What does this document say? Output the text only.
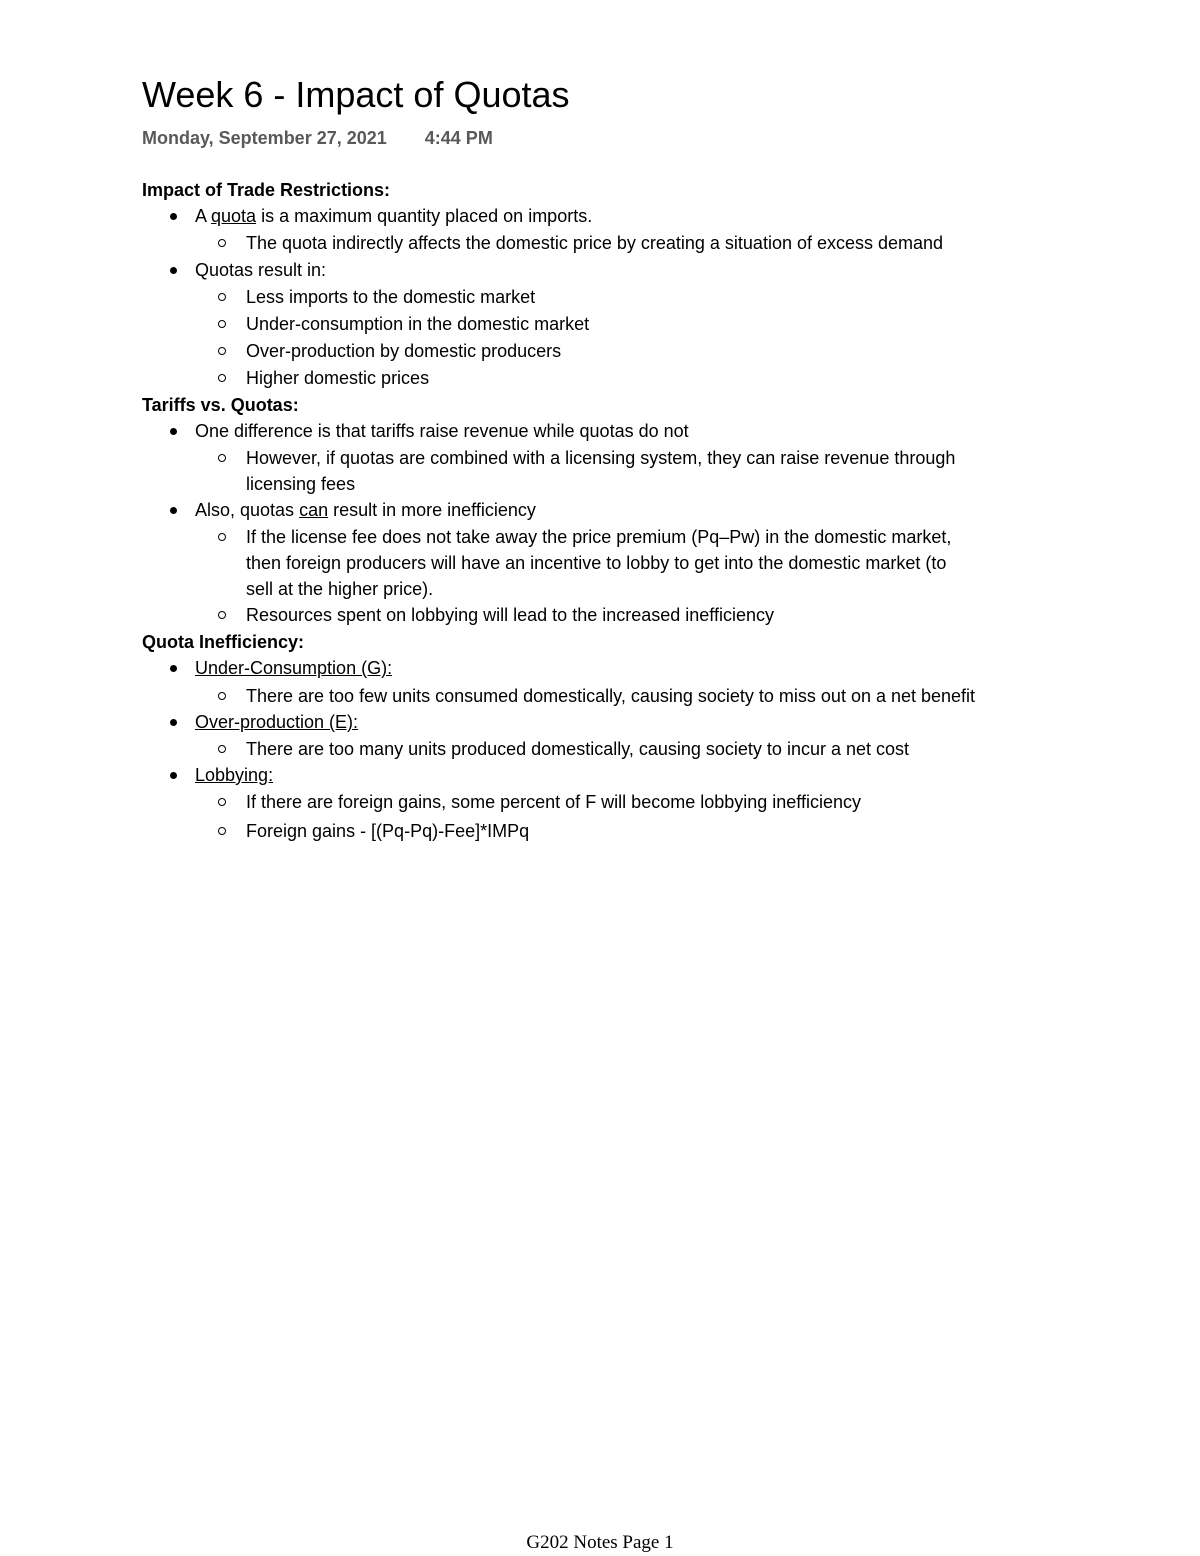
Week 6 - Impact of Quotas
Monday, September 27, 2021 4:44 PM
Impact of Trade Restrictions:
A quota is a maximum quantity placed on imports.
The quota indirectly affects the domestic price by creating a situation of excess demand
Quotas result in:
Less imports to the domestic market
Under-consumption in the domestic market
Over-production by domestic producers
Higher domestic prices
Tariffs vs. Quotas:
One difference is that tariffs raise revenue while quotas do not
However, if quotas are combined with a licensing system, they can raise revenue through
licensing fees
Also, quotas can result in more inefficiency
If the license fee does not take away the price premium (Pq–Pw) in the domestic market,
then foreign producers will have an incentive to lobby to get into the domestic market (to
sell at the higher price).
Resources spent on lobbying will lead to the increased inefficiency
Quota Inefficiency:
Under-Consumption (G):
There are too few units consumed domestically, causing society to miss out on a net benefit
Over-production (E):
There are too many units produced domestically, causing society to incur a net cost
Lobbying:
If there are foreign gains, some percent of F will become lobbying inefficiency
Foreign gains - [(Pq-Pq)-Fee]*IMPq
G202 Notes Page 1
